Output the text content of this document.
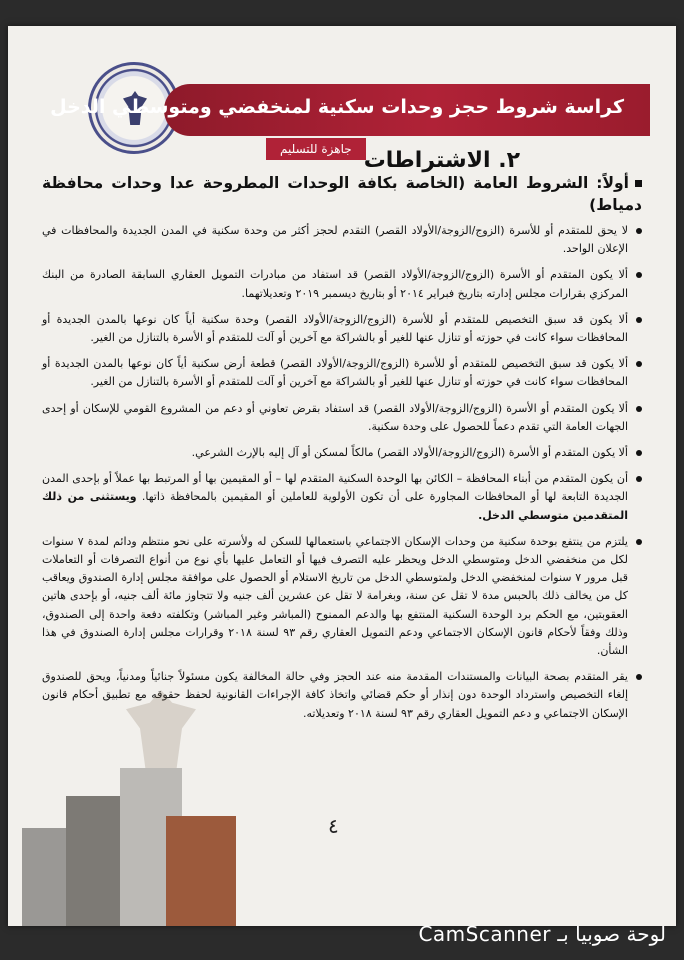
كراسة شروط حجز وحدات سكنية لمنخفضي ومتوسطي الدخل
جاهزة للتسليم ٢. الاشتراطات

أولاً: الشروط العامة (الخاصة بكافة الوحدات المطروحة عدا وحدات محافظة دمياط)

لا يحق للمتقدم أو للأسرة (الزوج/الزوجة/الأولاد القصر) التقدم لحجز أكثر من وحدة سكنية في المدن الجديدة والمحافظات في الإعلان الواحد.

ألا يكون المتقدم أو الأسرة (الزوج/الزوجة/الأولاد القصر) قد استفاد من مبادرات التمويل العقاري السابقة الصادرة من البنك المركزي بقرارات مجلس إدارته بتاريخ فبراير ٢٠١٤ أو بتاريخ ديسمبر ٢٠١٩ وتعديلاتهما.

ألا يكون قد سبق التخصيص للمتقدم أو للأسرة (الزوج/الزوجة/الأولاد القصر) وحدة سكنية أياً كان نوعها بالمدن الجديدة أو المحافظات سواء كانت في حوزته أو تنازل عنها للغير أو بالشراكة مع آخرين أو آلت للمتقدم أو الأسرة بالتنازل من الغير.

ألا يكون قد سبق التخصيص للمتقدم أو للأسرة (الزوج/الزوجة/الأولاد القصر) قطعة أرض سكنية أياً كان نوعها بالمدن الجديدة أو المحافظات سواء كانت في حوزته أو تنازل عنها للغير أو بالشراكة مع آخرين أو آلت للمتقدم أو الأسرة بالتنازل من الغير.

ألا يكون المتقدم أو الأسرة (الزوج/الزوجة/الأولاد القصر) قد استفاد بقرض تعاوني أو دعم من المشروع القومي للإسكان أو إحدى الجهات العامة التي تقدم دعماً للحصول على وحدة سكنية.

ألا يكون المتقدم أو الأسرة (الزوج/الزوجة/الأولاد القصر) مالكاً لمسكن أو آل إليه بالإرث الشرعي.

أن يكون المتقدم من أبناء المحافظة – الكائن بها الوحدة السكنية المتقدم لها – أو المقيمين بها أو المرتبط بها عملاً أو بإحدى المدن الجديدة التابعة لها أو المحافظات المجاورة على أن تكون الأولوية للعاملين أو المقيمين بالمحافظة ذاتها. ويستثنى من ذلك المتقدمين متوسطي الدخل.

يلتزم من ينتفع بوحدة سكنية من وحدات الإسكان الاجتماعي باستعمالها للسكن له ولأسرته على نحو منتظم ودائم لمدة ٧ سنوات لكل من منخفضي الدخل ومتوسطي الدخل ويحظر عليه التصرف فيها أو التعامل عليها بأي نوع من أنواع التصرفات أو التعاملات قبل مرور ٧ سنوات لمنخفضي الدخل ولمتوسطي الدخل من تاريخ الاستلام أو الحصول على موافقة مجلس إدارة الصندوق ويعاقب كل من يخالف ذلك بالحبس مدة لا تقل عن سنة، وبغرامة لا تقل عن عشرين ألف جنيه ولا تتجاوز مائة ألف جنيه، أو بإحدى هاتين العقوبتين، مع الحكم برد الوحدة السكنية المنتفع بها والدعم الممنوح (المباشر وغير المباشر) وتكلفته دفعة واحدة إلى الصندوق، وذلك وفقاً لأحكام قانون الإسكان الاجتماعي ودعم التمويل العقاري رقم ٩٣ لسنة ٢٠١٨ وقرارات مجلس إدارة الصندوق في هذا الشأن.

يقر المتقدم بصحة البيانات والمستندات المقدمة منه عند الحجز وفي حالة المخالفة يكون مسئولاً جنائياً ومدنياً، ويحق للصندوق إلغاء التخصيص واسترداد الوحدة دون إنذار أو حكم قضائي واتخاذ كافة الإجراءات القانونية لحفظ حقوقه مع تطبيق أحكام قانون الإسكان الاجتماعي و دعم التمويل العقاري رقم ٩٣ لسنة ٢٠١٨ وتعديلاته.

٤
لوحة صوبيا بـ CamScanner
